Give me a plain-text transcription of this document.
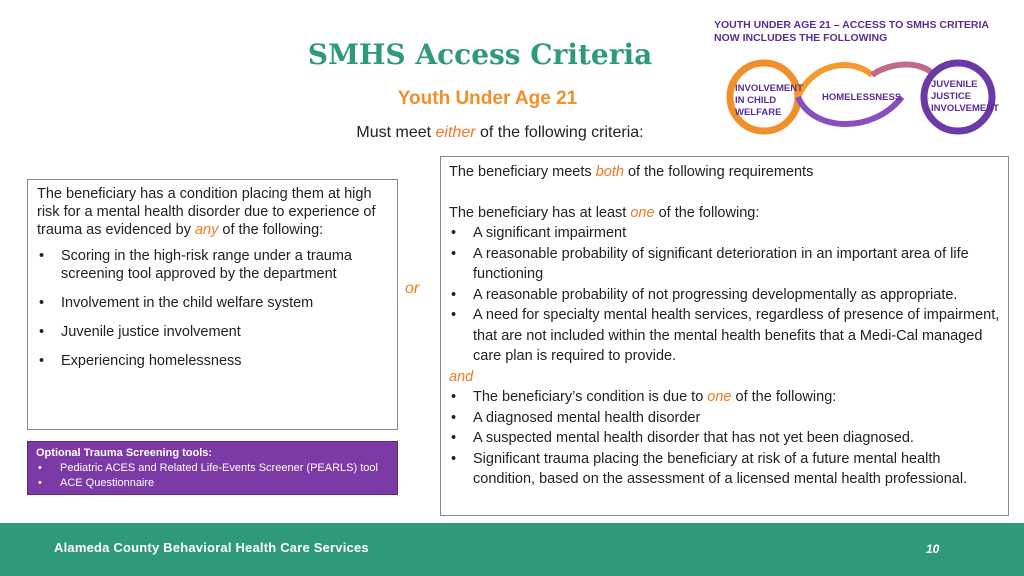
SMHS Access Criteria
Youth Under Age 21
Must meet either of the following criteria:
YOUTH UNDER AGE 21 – ACCESS TO SMHS CRITERIA NOW INCLUDES THE FOLLOWING
INVOLVEMENT IN CHILD WELFARE
HOMELESSNESS
JUVENILE JUSTICE INVOLVEMENT

The beneficiary has a condition placing them at high risk for a mental health disorder due to experience of trauma as evidenced by any of the following:

• Scoring in the high-risk range under a trauma screening tool approved by the department
• Involvement in the child welfare system
• Juvenile justice involvement
• Experiencing homelessness
or

The beneficiary meets both of the following requirements

The beneficiary has at least one of the following:

• A significant impairment
• A reasonable probability of significant deterioration in an important area of life functioning
• A reasonable probability of not progressing developmentally as appropriate.
• A need for specialty mental health services, regardless of presence of impairment, that are not included within the mental health benefits that a Medi-Cal managed care plan is required to provide.

and

• The beneficiary’s condition is due to one of the following:
• A diagnosed mental health disorder
• A suspected mental health disorder that has not yet been diagnosed.
• Significant trauma placing the beneficiary at risk of a future mental health condition, based on the assessment of a licensed mental health professional.
Optional Trauma Screening tools:
• Pediatric ACES and Related Life-Events Screener (PEARLS) tool
• ACE Questionnaire
Alameda County Behavioral Health Care Services	10
